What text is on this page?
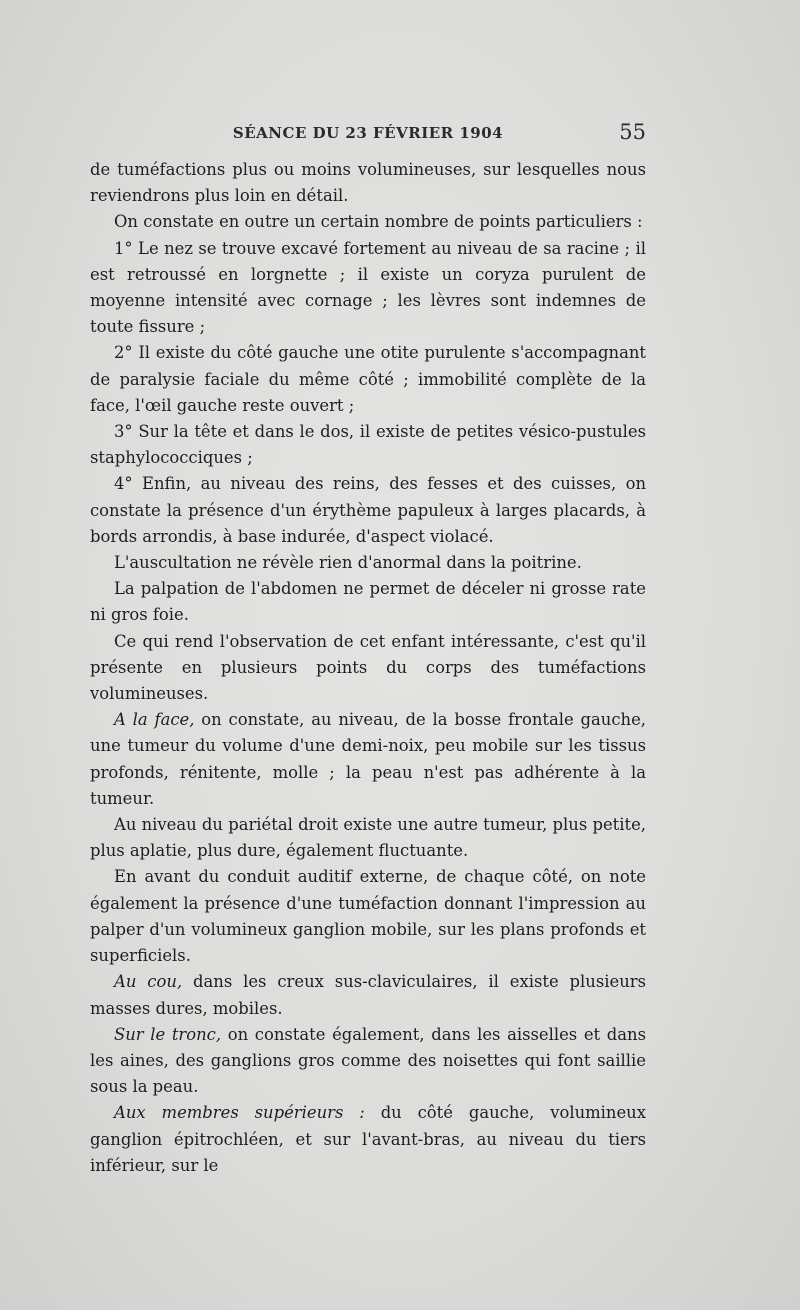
SÉANCE DU 23 FÉVRIER 1904	55

de tuméfactions plus ou moins volumineuses, sur lesquelles nous reviendrons plus loin en détail.

On constate en outre un certain nombre de points particuliers :

1° Le nez se trouve excavé fortement au niveau de sa racine ; il est retroussé en lorgnette ; il existe un coryza purulent de moyenne intensité avec cornage ; les lèvres sont indemnes de toute fissure ;

2° Il existe du côté gauche une otite purulente s'accompagnant de paralysie faciale du même côté ; immobilité complète de la face, l'œil gauche reste ouvert ;

3° Sur la tête et dans le dos, il existe de petites vésico-pustules staphylococciques ;

4° Enfin, au niveau des reins, des fesses et des cuisses, on constate la présence d'un érythème papuleux à larges placards, à bords arrondis, à base indurée, d'aspect violacé.

L'auscultation ne révèle rien d'anormal dans la poitrine.

La palpation de l'abdomen ne permet de déceler ni grosse rate ni gros foie.

Ce qui rend l'observation de cet enfant intéressante, c'est qu'il présente en plusieurs points du corps des tuméfactions volumineuses.

A la face, on constate, au niveau, de la bosse frontale gauche, une tumeur du volume d'une demi-noix, peu mobile sur les tissus profonds, rénitente, molle ; la peau n'est pas adhérente à la tumeur.

Au niveau du pariétal droit existe une autre tumeur, plus petite, plus aplatie, plus dure, également fluctuante.

En avant du conduit auditif externe, de chaque côté, on note également la présence d'une tuméfaction donnant l'impression au palper d'un volumineux ganglion mobile, sur les plans profonds et superficiels.

Au cou, dans les creux sus-claviculaires, il existe plusieurs masses dures, mobiles.

Sur le tronc, on constate également, dans les aisselles et dans les aines, des ganglions gros comme des noisettes qui font saillie sous la peau.

Aux membres supérieurs : du côté gauche, volumineux ganglion épitrochléen, et sur l'avant-bras, au niveau du tiers inférieur, sur le
